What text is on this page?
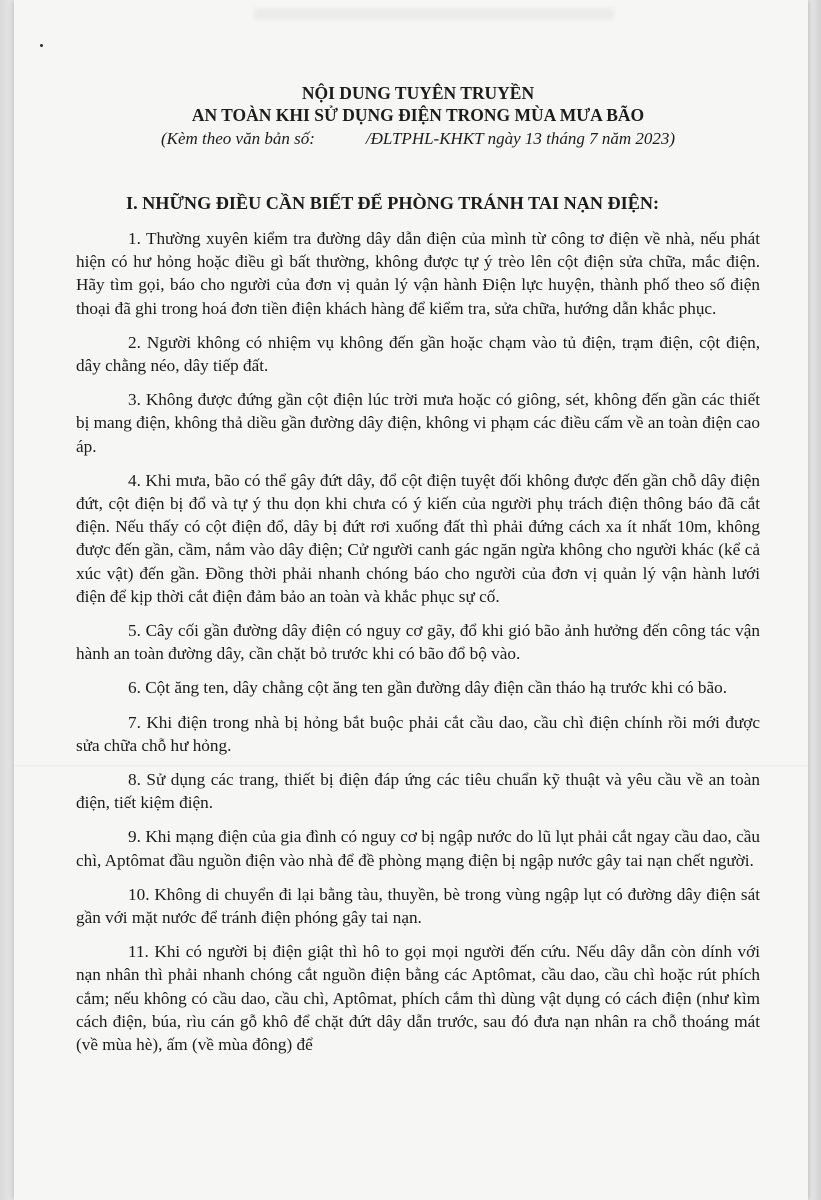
NỘI DUNG TUYÊN TRUYỀN

AN TOÀN KHI SỬ DỤNG ĐIỆN TRONG MÙA MƯA BÃO

(Kèm theo văn bản số:            /ĐLTPHL-KHKT ngày 13 tháng 7 năm 2023)

I. NHỮNG ĐIỀU CẦN BIẾT ĐỂ PHÒNG TRÁNH TAI NẠN ĐIỆN:

1. Thường xuyên kiểm tra đường dây dẫn điện của mình từ công tơ điện về nhà, nếu phát hiện có hư hỏng hoặc điều gì bất thường, không được tự ý trèo lên cột điện sửa chữa, mắc điện. Hãy tìm gọi, báo cho người của đơn vị quản lý vận hành Điện lực huyện, thành phố theo số điện thoại đã ghi trong hoá đơn tiền điện khách hàng để kiểm tra, sửa chữa, hướng dẫn khắc phục.

2. Người không có nhiệm vụ không đến gần hoặc chạm vào tủ điện, trạm điện, cột điện, dây chằng néo, dây tiếp đất.

3. Không được đứng gần cột điện lúc trời mưa hoặc có giông, sét, không đến gần các thiết bị mang điện, không thả diều gần đường dây điện, không vi phạm các điều cấm về an toàn điện cao áp.

4. Khi mưa, bão có thể gây đứt dây, đổ cột điện tuyệt đối không được đến gần chỗ dây điện đứt, cột điện bị đổ và tự ý thu dọn khi chưa có ý kiến của người phụ trách điện thông báo đã cắt điện. Nếu thấy có cột điện đổ, dây bị đứt rơi xuống đất thì phải đứng cách xa ít nhất 10m, không được đến gần, cầm, nắm vào dây điện; Cử người canh gác ngăn ngừa không cho người khác (kể cả xúc vật) đến gần. Đồng thời phải nhanh chóng báo cho người của đơn vị quản lý vận hành lưới điện để kịp thời cắt điện đảm bảo an toàn và khắc phục sự cố.

5. Cây cối gần đường dây điện có nguy cơ gãy, đổ khi gió bão ảnh hưởng đến công tác vận hành an toàn đường dây, cần chặt bỏ trước khi có bão đổ bộ vào.

6. Cột ăng ten, dây chằng cột ăng ten gần đường dây điện cần tháo hạ trước khi có bão.

7. Khi điện trong nhà bị hỏng bắt buộc phải cắt cầu dao, cầu chì điện chính rồi mới được sửa chữa chỗ hư hỏng.

8. Sử dụng các trang, thiết bị điện đáp ứng các tiêu chuẩn kỹ thuật và yêu cầu về an toàn điện, tiết kiệm điện.

9. Khi mạng điện của gia đình có nguy cơ bị ngập nước do lũ lụt phải cắt ngay cầu dao, cầu chì, Aptômat đầu nguồn điện vào nhà để đề phòng mạng điện bị ngập nước gây tai nạn chết người.

10. Không di chuyển đi lại bằng tàu, thuyền, bè trong vùng ngập lụt có đường dây điện sát gần với mặt nước để tránh điện phóng gây tai nạn.

11. Khi có người bị điện giật thì hô to gọi mọi người đến cứu. Nếu dây dẫn còn dính với nạn nhân thì phải nhanh chóng cắt nguồn điện bằng các Aptômat, cầu dao, cầu chì hoặc rút phích cắm; nếu không có cầu dao, cầu chì, Aptômat, phích cắm thì dùng vật dụng có cách điện (như kìm cách điện, búa, rìu cán gỗ khô để chặt đứt dây dẫn trước, sau đó đưa nạn nhân ra chỗ thoáng mát (về mùa hè), ấm (về mùa đông) để
